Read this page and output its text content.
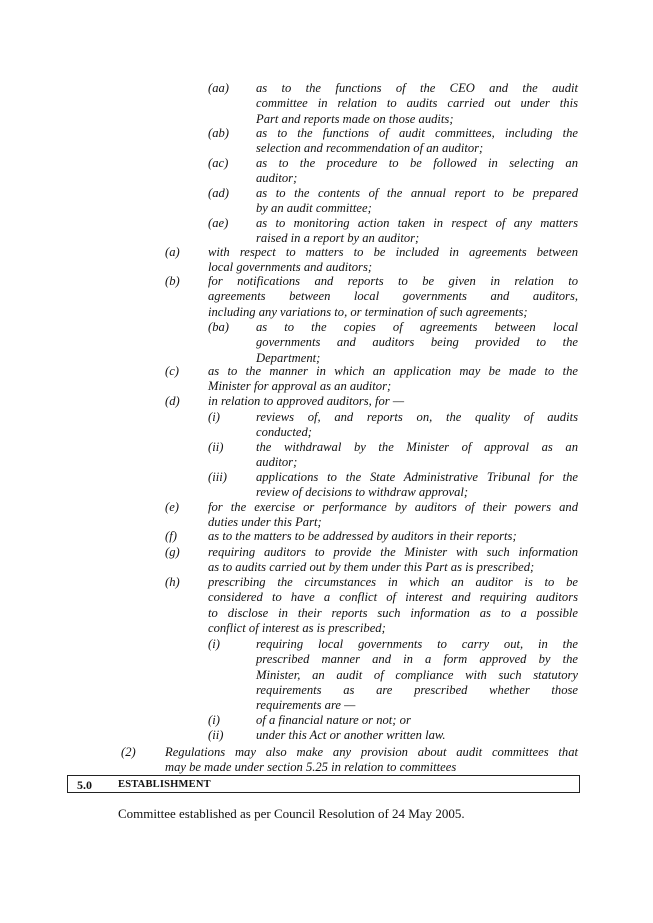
(aa) as to the functions of the CEO and the audit
committee in relation to audits carried out under this
Part and reports made on those audits;
(ab) as to the functions of audit committees, including the
selection and recommendation of an auditor;
(ac) as to the procedure to be followed in selecting an
auditor;
(ad) as to the contents of the annual report to be prepared
by an audit committee;
(ae) as to monitoring action taken in respect of any matters
raised in a report by an auditor;
(a) with respect to matters to be included in agreements between
local governments and auditors;
(b) for notifications and reports to be given in relation to
agreements between local governments and auditors,
including any variations to, or termination of such agreements;
(ba) as to the copies of agreements between local
governments and auditors being provided to the
Department;
(c) as to the manner in which an application may be made to the
Minister for approval as an auditor;
(d) in relation to approved auditors, for —
(i)	reviews of, and reports on, the quality of audits
conducted;
(ii)	the withdrawal by the Minister of approval as an
auditor;
(iii) applications to the State Administrative Tribunal for the
review of decisions to withdraw approval;
(e) for the exercise or performance by auditors of their powers and
duties under this Part;
(f) as to the matters to be addressed by auditors in their reports;
(g) requiring auditors to provide the Minister with such information
as to audits carried out by them under this Part as is prescribed;
(h) prescribing the circumstances in which an auditor is to be
considered to have a conflict of interest and requiring auditors
to disclose in their reports such information as to a possible
conflict of interest as is prescribed;
(i)	requiring local governments to carry out, in the
prescribed manner and in a form approved by the
Minister, an audit of compliance with such statutory
requirements as are prescribed whether those
requirements are —
(i)	of a financial nature or not; or
(ii)	under this Act or another written law.
(2) Regulations may also make any provision about audit committees that
may be made under section 5.25 in relation to committees
5.0 ESTABLISHMENT
Committee established as per Council Resolution of 24 May 2005.
